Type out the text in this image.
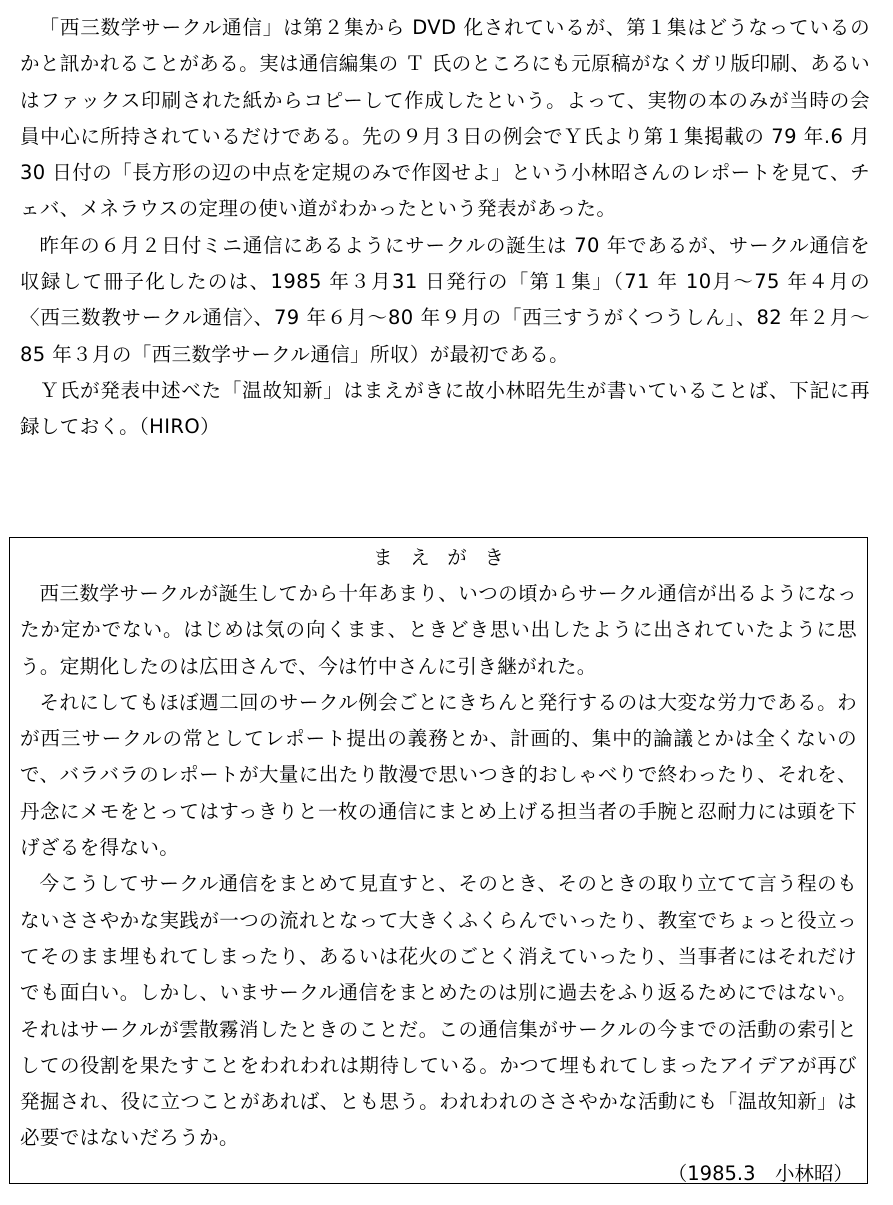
「西三数学サークル通信」は第２集から DVD 化されているが、第１集はどうなっているのかと訊かれることがある。実は通信編集の Ｔ 氏のところにも元原稿がなくガリ版印刷、あるいはファックス印刷された紙からコピーして作成したという。よって、実物の本のみが当時の会員中心に所持されているだけである。先の９月３日の例会でＹ氏より第１集掲載の 79 年.6 月 30 日付の「長方形の辺の中点を定規のみで作図せよ」という小林昭さんのレポートを見て、チェバ、メネラウスの定理の使い道がわかったという発表があった。

昨年の６月２日付ミニ通信にあるようにサークルの誕生は 70 年であるが、サークル通信を収録して冊子化したのは、1985 年３月31 日発行の「第１集」（71 年 10月～75 年４月の〈西三数教サークル通信〉、79 年６月～80 年９月の「西三すうがくつうしん」、82 年２月～85 年３月の「西三数学サークル通信」所収）が最初である。

Ｙ氏が発表中述べた「温故知新」はまえがきに故小林昭先生が書いていることば、下記に再録しておく。（HIRO）

まえがき

西三数学サークルが誕生してから十年あまり、いつの頃からサークル通信が出るようになったか定かでない。はじめは気の向くまま、ときどき思い出したように出されていたように思う。定期化したのは広田さんで、今は竹中さんに引き継がれた。

それにしてもほぼ週二回のサークル例会ごとにきちんと発行するのは大変な労力である。わが西三サークルの常としてレポート提出の義務とか、計画的、集中的論議とかは全くないので、バラバラのレポートが大量に出たり散漫で思いつき的おしゃべりで終わったり、それを、丹念にメモをとってはすっきりと一枚の通信にまとめ上げる担当者の手腕と忍耐力には頭を下げざるを得ない。

今こうしてサークル通信をまとめて見直すと、そのとき、そのときの取り立てて言う程のもないささやかな実践が一つの流れとなって大きくふくらんでいったり、教室でちょっと役立ってそのまま埋もれてしまったり、あるいは花火のごとく消えていったり、当事者にはそれだけでも面白い。しかし、いまサークル通信をまとめたのは別に過去をふり返るためにではない。それはサークルが雲散霧消したときのことだ。この通信集がサークルの今までの活動の索引としての役割を果たすことをわれわれは期待している。かつて埋もれてしまったアイデアが再び発掘され、役に立つことがあれば、とも思う。われわれのささやかな活動にも「温故知新」は必要ではないだろうか。

（1985.3　小林昭）
